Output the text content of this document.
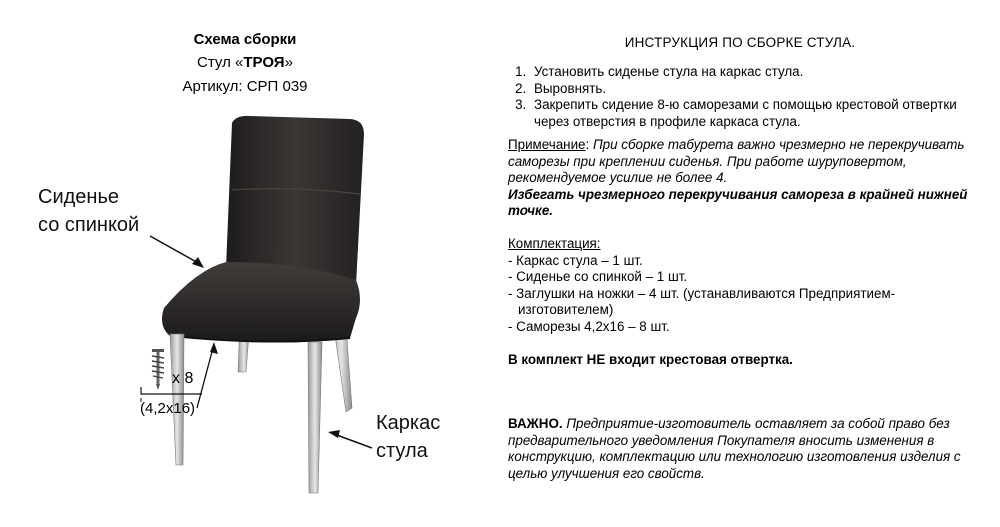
Схема сборки
Стул «ТРОЯ»
Артикул: СРП 039
Сиденье
со спинкой
Каркас
стула
x 8
(4,2x16)
ИНСТРУКЦИЯ ПО СБОРКЕ СТУЛА.
1. Установить сиденье стула на каркас стула.
2. Выровнять.
3. Закрепить сидение 8-ю саморезами с помощью крестовой отвертки через отверстия в профиле каркаса стула.
Примечание: При сборке табурета важно чрезмерно не перекручивать саморезы при креплении сиденья. При работе шуруповертом, рекомендуемое усилие не более 4.
Избегать чрезмерного перекручивания самореза в крайней нижней точке.
Комплектация:
- Каркас стула – 1 шт.
- Сиденье со спинкой – 1 шт.
- Заглушки на ножки – 4 шт. (устанавливаются Предприятием-
изготовителем)
- Саморезы 4,2x16 – 8 шт.
В комплект НЕ входит крестовая отвертка.
ВАЖНО. Предприятие-изготовитель оставляет за собой право без предварительного уведомления Покупателя вносить изменения в конструкцию, комплектацию или технологию изготовления изделия с целью улучшения его свойств.
